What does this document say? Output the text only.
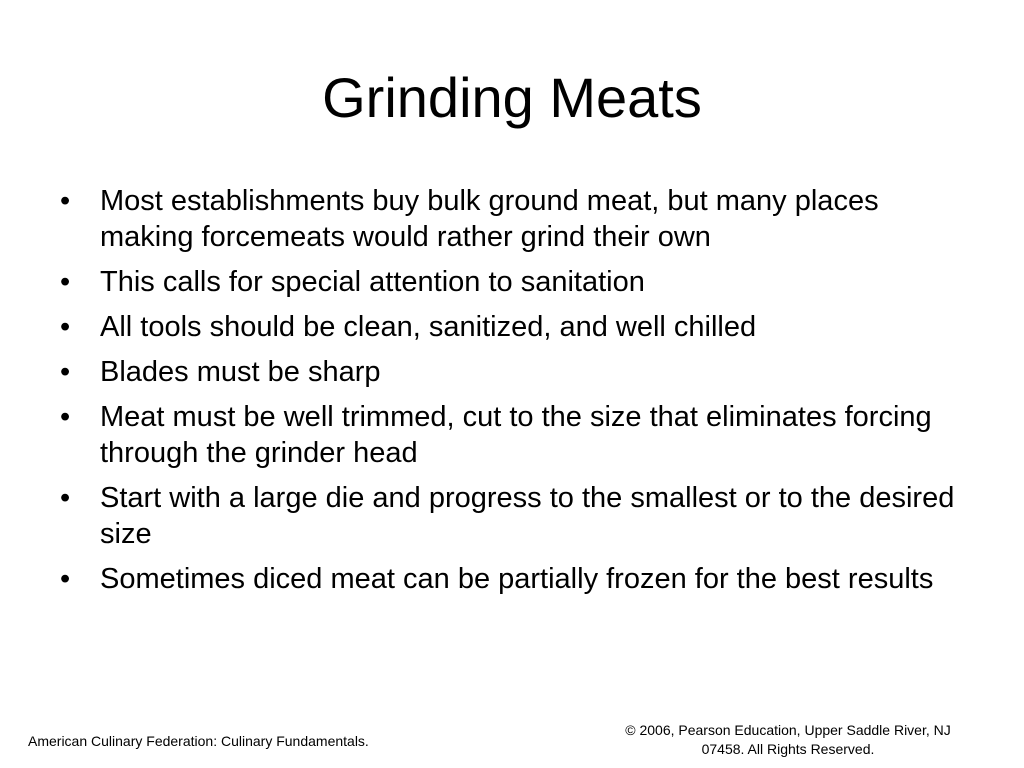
Grinding Meats
• Most establishments buy bulk ground meat, but many places making forcemeats would rather grind their own
• This calls for special attention to sanitation
• All tools should be clean, sanitized, and well chilled
• Blades must be sharp
• Meat must be well trimmed, cut to the size that eliminates forcing through the grinder head
• Start with a large die and progress to the smallest or to the desired size
• Sometimes diced meat can be partially frozen for the best results
American Culinary Federation: Culinary Fundamentals.
© 2006, Pearson Education, Upper Saddle River, NJ
07458. All Rights Reserved.
